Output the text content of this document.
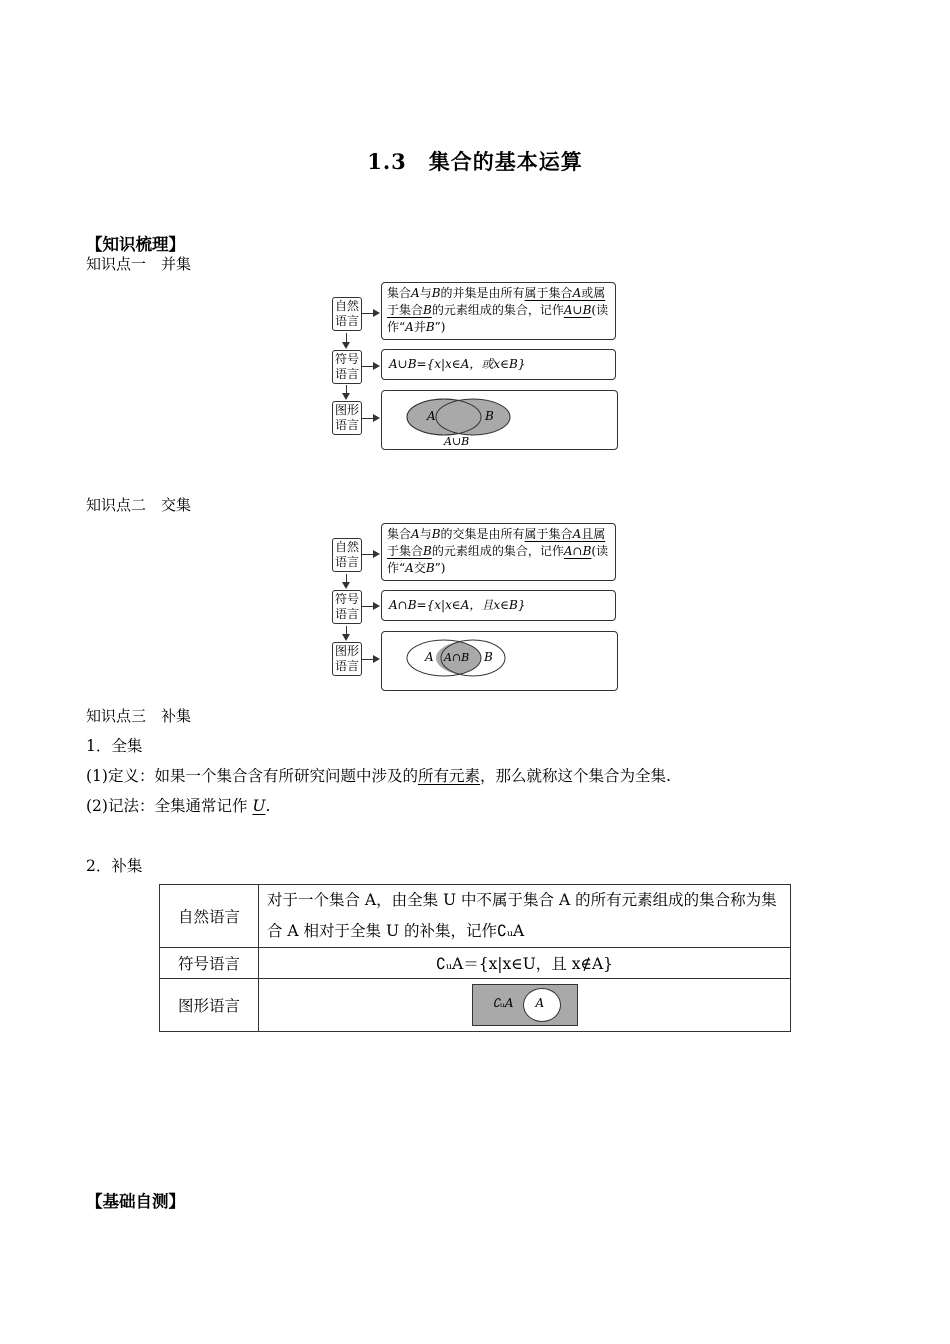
1.3　集合的基本运算
【知识梳理】
知识点一　并集
自然语言
集合A与B的并集是由所有属于集合A或属
于集合B的元素组成的集合，记作A∪B(读作“A并B”)
符号语言
A∪B={x|x∈A，或x∈B}
图形语言
A	B
A∪B
知识点二　交集
自然语言
集合A与B的交集是由所有属于集合A且属
于集合B的元素组成的集合，记作A∩B(读作“A交B”)
符号语言
A∩B={x|x∈A，且x∈B}
图形语言
A A∩B B
知识点三　补集
1．全集
(1)定义：如果一个集合含有所研究问题中涉及的所有元素，那么就称这个集合为全集.
(2)记法：全集通常记作 U.
2．补集
自然语言	对于一个集合 A，由全集 U 中不属于集合 A 的所有元素组成的集合称为集合 A 相对于全集 U 的补集，记作∁ᵤA
符号语言	∁ᵤA＝{x|x∈U，且 x∉A}
图形语言	∁ᵤA A
【基础自测】
